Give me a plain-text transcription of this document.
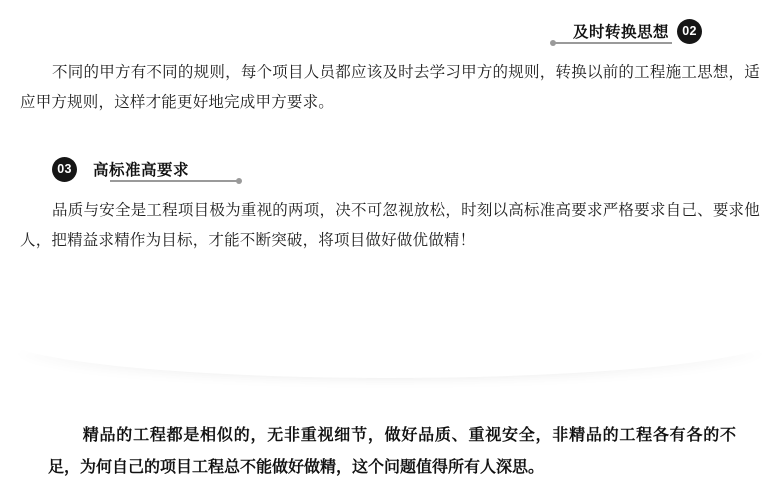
及时转换思想	02
不同的甲方有不同的规则，每个项目人员都应该及时去学习甲方的规则，转换以前的工程施工思想，适应甲方规则，这样才能更好地完成甲方要求。
03	高标准高要求
品质与安全是工程项目极为重视的两项，决不可忽视放松，时刻以高标准高要求严格要求自己、要求他人，把精益求精作为目标，才能不断突破，将项目做好做优做精！
精品的工程都是相似的，无非重视细节，做好品质、重视安全，非精品的工程各有各的不足，为何自己的项目工程总不能做好做精，这个问题值得所有人深思。
